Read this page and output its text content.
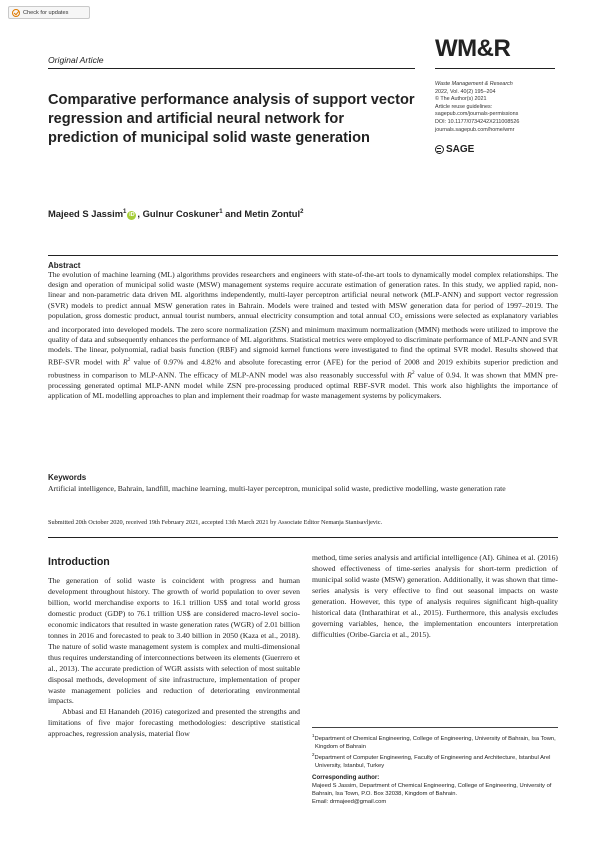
Check for updates
Original Article	WM&R
Waste Management & Research
2022, Vol. 40(2) 195–204
© The Author(s) 2021
Article reuse guidelines:
sagepub.com/journals-permissions
DOI: 10.1177/0734242X211008526
journals.sagepub.com/home/wmr
SAGE
Comparative performance analysis of support vector regression and artificial neural network for prediction of municipal solid waste generation
Majeed S Jassim$^1$iD , Gulnur Coskuner$^1$ and Metin Zontul$^2$
Abstract

The evolution of machine learning (ML) algorithms provides researchers and engineers with state-of-the-art tools to dynamically model complex relationships. The design and operation of municipal solid waste (MSW) management systems require accurate estimation of generation rates. In this study, we applied rapid, non-linear and non-parametric data driven ML algorithms independently, multi-layer perceptron artificial neural network (MLP-ANN) and support vector regression (SVR) models to predict annual MSW generation rates in Bahrain. Models were trained and tested with MSW generation data for period of 1997–2019. The population, gross domestic product, annual tourist numbers, annual electricity consumption and total annual $CO_2$ emissions were selected as explanatory variables and incorporated into developed models. The zero score normalization (ZSN) and minimum maximum normalization (MMN) methods were utilized to improve the quality of data and subsequently enhances the performance of ML algorithms. Statistical metrics were employed to discriminate performance of MLP-ANN and SVR models. The linear, polynomial, radial basis function (RBF) and sigmoid kernel functions were investigated to find the optimal SVR model. Results showed that RBF-SVR model with $R^2$ value of 0.97% and 4.82% and absolute forecasting error (AFE) for the period of 2008 and 2019 exhibits superior prediction and robustness in comparison to MLP-ANN. The efficacy of MLP-ANN model was also reasonably successful with $R^2$ value of 0.94. It was shown that MMN pre-processing generated optimal MLP-ANN model while ZSN pre-processing produced optimal RBF-SVR model. This work also highlights the importance of application of ML modelling approaches to plan and implement their roadmap for waste management systems by policymakers.

Keywords

Artificial intelligence, Bahrain, landfill, machine learning, multi-layer perceptron, municipal solid waste, predictive modelling, waste generation rate

Submitted 20th October 2020, received 19th February 2021, accepted 13th March 2021 by Associate Editor Nemanja Stanisavljevic.
Introduction

The generation of solid waste is coincident with progress and human development throughout history. The growth of world population to over seven billion, world merchandise exports to 16.1 trillion US$ and total world gross domestic product (GDP) to 76.1 trillion US$ are considered macro-level socio-economic indicators that resulted in waste generation rates (WGR) of 2.01 billion tonnes in 2016 and forecasted to peak to 3.40 billion in 2050 (Kaza et al., 2018). The nature of solid waste management system is complex and multi-dimensional thus requires understanding of interconnections between its elements (Guerrero et al., 2013). The accurate prediction of WGR assists with selection of most suitable disposal methods, development of site infrastructure, implementation of proper waste management policies and reduction of deteriorating environmental impacts.

Abbasi and El Hanandeh (2016) categorized and presented the strengths and limitations of five major forecasting methodologies: descriptive statistical approaches, regression analysis, material flow

method, time series analysis and artificial intelligence (AI). Ghinea et al. (2016) showed effectiveness of time-series analysis for short-term prediction of municipal solid waste (MSW) generation. Additionally, it was shown that time-series analysis is very effective to find out seasonal impacts on waste generation. However, this type of analysis requires significant high-quality historical data (Intharathirat et al., 2015). Furthermore, this analysis excludes governing variables, hence, the implementation encounters interpretation difficulties (Oribe-Garcia et al., 2015).

$^1$Department of Chemical Engineering, College of Engineering, University of Bahrain, Isa Town, Kingdom of Bahrain
$^2$Department of Computer Engineering, Faculty of Engineering and Architecture, Istanbul Arel University, Istanbul, Turkey
Corresponding author:
Majeed S Jassim, Department of Chemical Engineering, College of Engineering, University of Bahrain, Isa Town, P.O. Box 32038, Kingdom of Bahrain.
Email: drmajeed@gmail.com
